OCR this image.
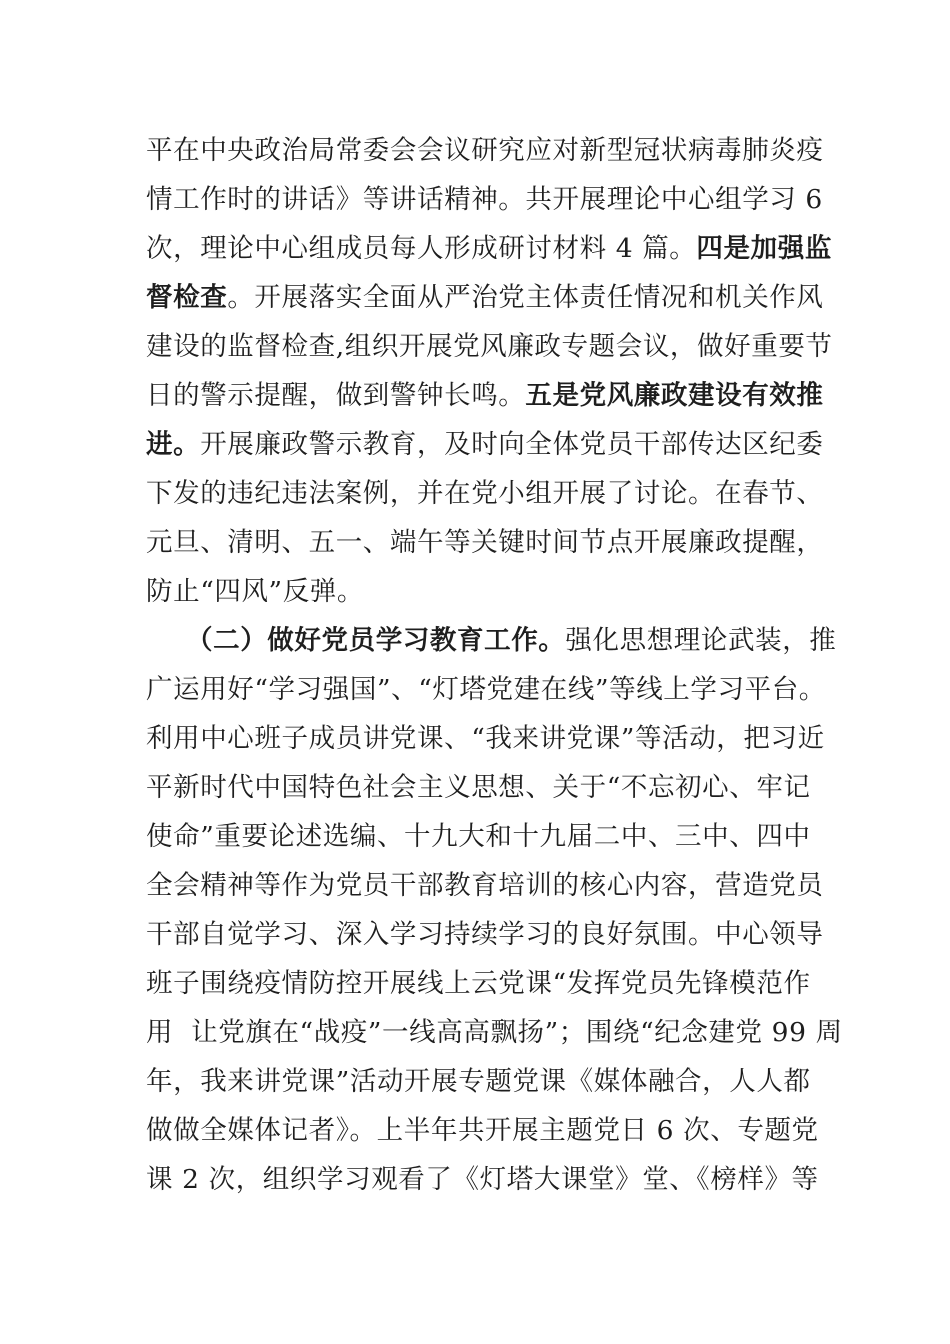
平在中央政治局常委会会议研究应对新型冠状病毒肺炎疫
情工作时的讲话》等讲话精神。共开展理论中心组学习 6
次，理论中心组成员每人形成研讨材料 4 篇。四是加强监
督检查。开展落实全面从严治党主体责任情况和机关作风
建设的监督检查,组织开展党风廉政专题会议，做好重要节
日的警示提醒，做到警钟长鸣。五是党风廉政建设有效推
进。开展廉政警示教育，及时向全体党员干部传达区纪委
下发的违纪违法案例，并在党小组开展了讨论。在春节、
元旦、清明、五一、端午等关键时间节点开展廉政提醒，
防止“四风”反弹。
（二）做好党员学习教育工作。强化思想理论武装，推
广运用好“学习强国”、“灯塔党建在线”等线上学习平台。
利用中心班子成员讲党课、“我来讲党课”等活动，把习近
平新时代中国特色社会主义思想、关于“不忘初心、牢记
使命”重要论述选编、十九大和十九届二中、三中、四中
全会精神等作为党员干部教育培训的核心内容，营造党员
干部自觉学习、深入学习持续学习的良好氛围。中心领导
班子围绕疫情防控开展线上云党课“发挥党员先锋模范作
用  让党旗在“战疫”一线高高飘扬”；围绕“纪念建党 99 周
年，我来讲党课”活动开展专题党课《媒体融合，人人都
做做全媒体记者》。上半年共开展主题党日 6 次、专题党
课 2 次，组织学习观看了《灯塔大课堂》堂、《榜样》等
